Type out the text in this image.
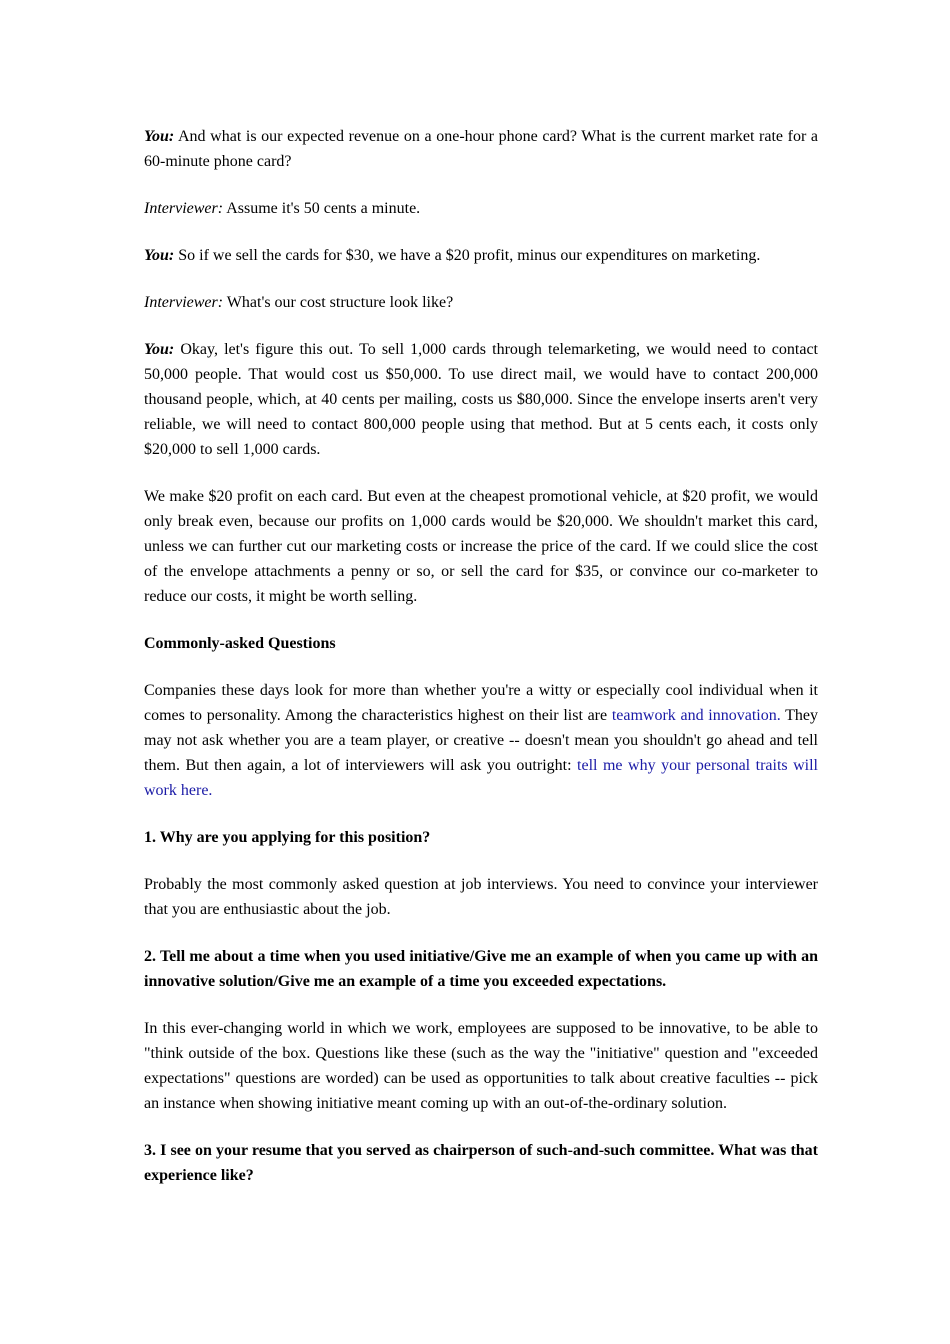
You: And what is our expected revenue on a one-hour phone card? What is the current market rate for a 60-minute phone card?

Interviewer: Assume it's 50 cents a minute.

You: So if we sell the cards for $30, we have a $20 profit, minus our expenditures on marketing.

Interviewer: What's our cost structure look like?

You: Okay, let's figure this out. To sell 1,000 cards through telemarketing, we would need to contact 50,000 people. That would cost us $50,000. To use direct mail, we would have to contact 200,000 thousand people, which, at 40 cents per mailing, costs us $80,000. Since the envelope inserts aren't very reliable, we will need to contact 800,000 people using that method. But at 5 cents each, it costs only $20,000 to sell 1,000 cards.

We make $20 profit on each card. But even at the cheapest promotional vehicle, at $20 profit, we would only break even, because our profits on 1,000 cards would be $20,000. We shouldn't market this card, unless we can further cut our marketing costs or increase the price of the card. If we could slice the cost of the envelope attachments a penny or so, or sell the card for $35, or convince our co-marketer to reduce our costs, it might be worth selling.

Commonly-asked Questions

Companies these days look for more than whether you're a witty or especially cool individual when it comes to personality. Among the characteristics highest on their list are teamwork and innovation. They may not ask whether you are a team player, or creative -- doesn't mean you shouldn't go ahead and tell them. But then again, a lot of interviewers will ask you outright: tell me why your personal traits will work here.

1. Why are you applying for this position?

Probably the most commonly asked question at job interviews. You need to convince your interviewer that you are enthusiastic about the job.

2. Tell me about a time when you used initiative/Give me an example of when you came up with an innovative solution/Give me an example of a time you exceeded expectations.

In this ever-changing world in which we work, employees are supposed to be innovative, to be able to "think outside of the box. Questions like these (such as the way the "initiative" question and "exceeded expectations" questions are worded) can be used as opportunities to talk about creative faculties -- pick an instance when showing initiative meant coming up with an out-of-the-ordinary solution.

3. I see on your resume that you served as chairperson of such-and-such committee. What was that experience like?
